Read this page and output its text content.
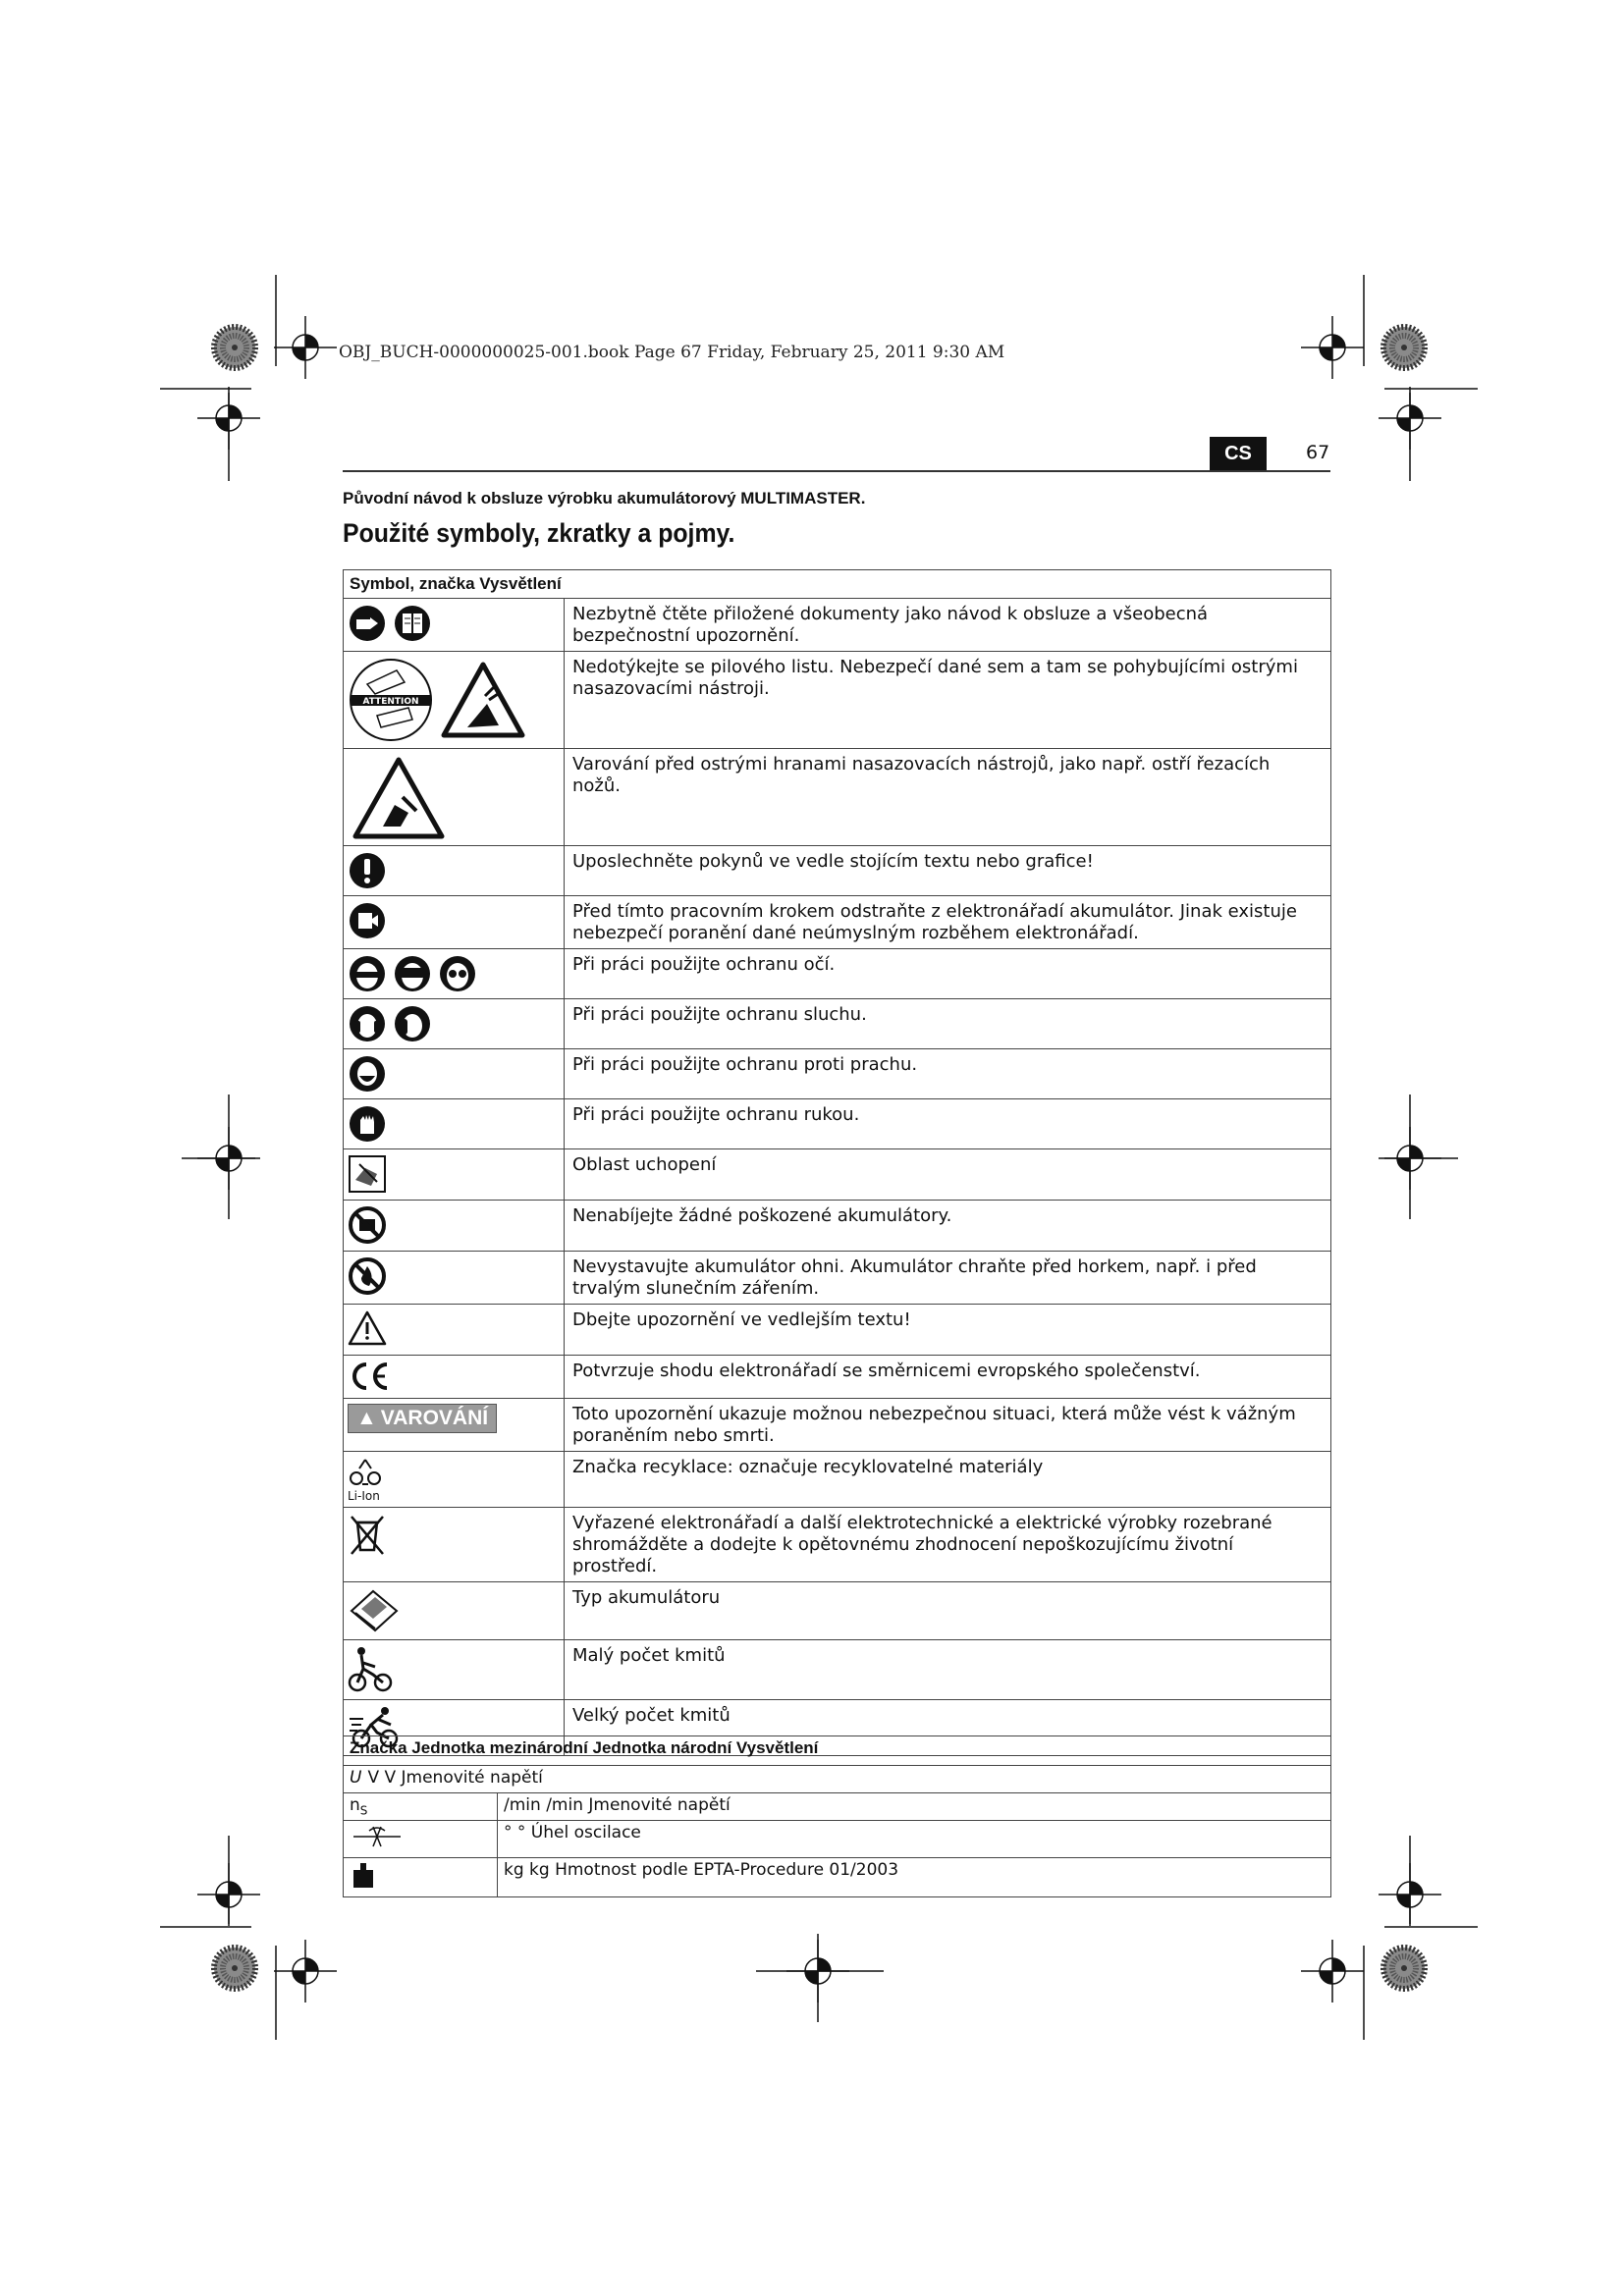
OBJ_BUCH-0000000025-001.book Page 67 Friday, February 25, 2011 9:30 AM
CS	67
Původní návod k obsluze výrobku akumulátorový MULTIMASTER.
Použité symboly, zkratky a pojmy.
Symbol, značka Vysvětlení	

	Nezbytně čtěte přiložené dokumenty jako návod k obsluze a všeobecná bezpečnostní upozornění.

ATTENTION	Nedotýkejte se pilového listu. Nebezpečí dané sem a tam se pohybujícími ostrými nasazovacími nástroji.

	Varování před ostrými hranami nasazovacích nástrojů, jako např. ostří řezacích nožů.

	Uposlechněte pokynů ve vedle stojícím textu nebo grafice!

	Před tímto pracovním krokem odstraňte z elektronářadí akumulátor. Jinak existuje nebezpečí poranění dané neúmyslným rozběhem elektronářadí.

	Při práci použijte ochranu očí.

	Při práci použijte ochranu sluchu.

	Při práci použijte ochranu proti prachu.

	Při práci použijte ochranu rukou.

	Oblast uchopení

	Nenabíjejte žádné poškozené akumulátory.

	Nevystavujte akumulátor ohni. Akumulátor chraňte před horkem, např. i před trvalým slunečním zářením.

	Dbejte upozornění ve vedlejším textu!

	Potvrzuje shodu elektronářadí se směrnicemi evropského společenství.

▲ VAROVÁNÍ	Toto upozornění ukazuje možnou nebezpečnou situaci, která může vést k vážným poraněním nebo smrti.

Li-Ion	Značka recyklace: označuje recyklovatelné materiály

	Vyřazené elektronářadí a další elektrotechnické a elektrické výrobky rozebrané shromážděte a dodejte k opětovnému zhodnocení nepoškozujícímu životní prostředí.

	Typ akumulátoru

	Malý počet kmitů

	Velký počet kmitů
Značka Jednotka mezinárodní Jednotka národní Vysvětlení	
U V V Jmenovité napětí	
$n_S$	/min /min Jmenovité napětí
	° ° Úhel oscilace
	kg kg Hmotnost podle EPTA-Procedure 01/2003
